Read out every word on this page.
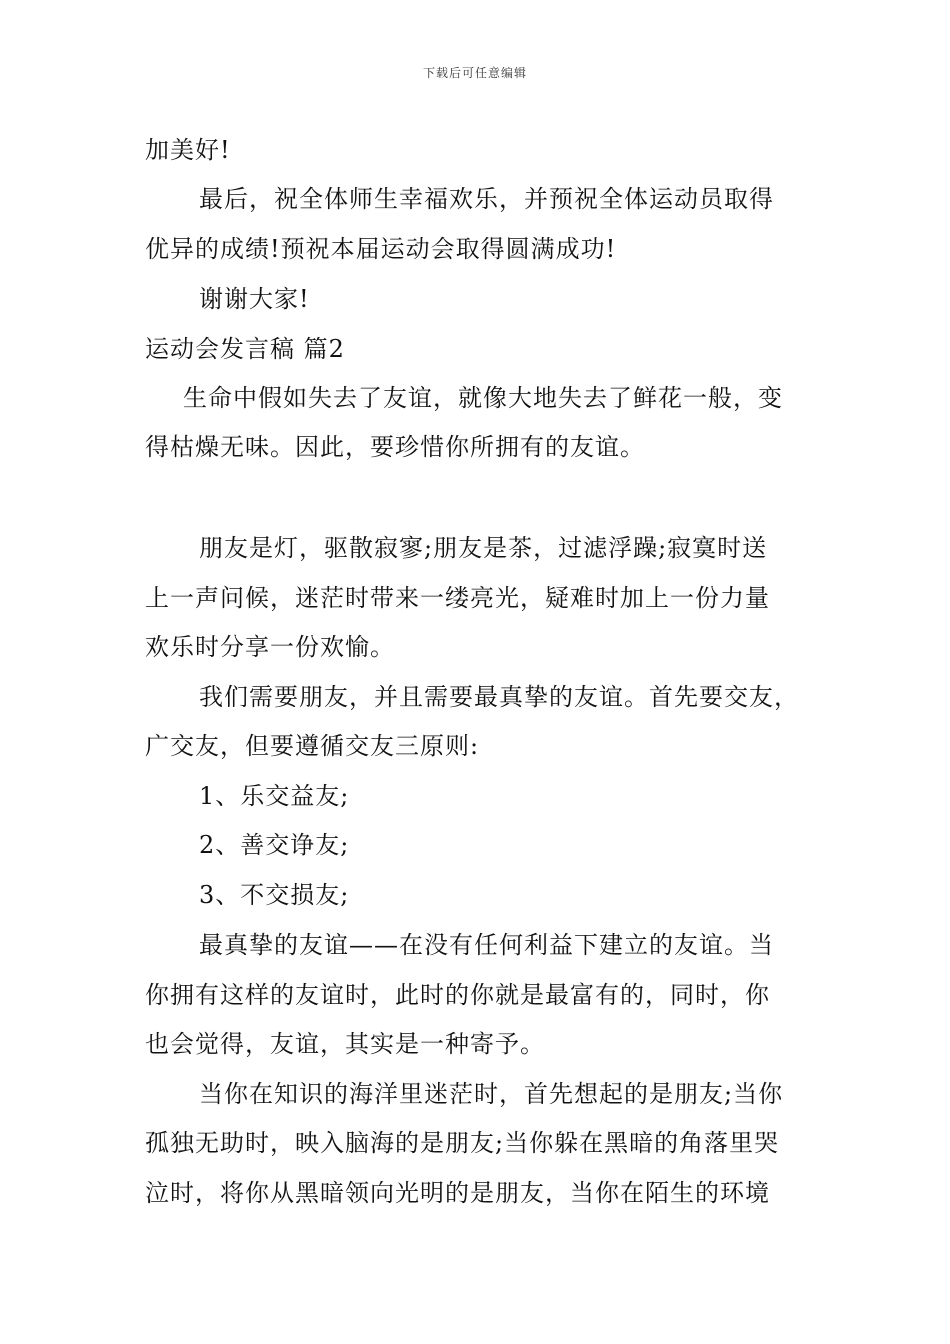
下载后可任意编辑
加美好!
最后，祝全体师生幸福欢乐，并预祝全体运动员取得
优异的成绩!预祝本届运动会取得圆满成功!
谢谢大家!
运动会发言稿 篇2
生命中假如失去了友谊，就像大地失去了鲜花一般，变
得枯燥无味。因此，要珍惜你所拥有的友谊。
朋友是灯，驱散寂寥;朋友是茶，过滤浮躁;寂寞时送
上一声问候，迷茫时带来一缕亮光，疑难时加上一份力量
欢乐时分享一份欢愉。
我们需要朋友，并且需要最真挚的友谊。首先要交友，
广交友，但要遵循交友三原则:
1、乐交益友;
2、善交诤友;
3、不交损友;
最真挚的友谊——在没有任何利益下建立的友谊。当
你拥有这样的友谊时，此时的你就是最富有的，同时，你
也会觉得，友谊，其实是一种寄予。
当你在知识的海洋里迷茫时，首先想起的是朋友;当你
孤独无助时，映入脑海的是朋友;当你躲在黑暗的角落里哭
泣时，将你从黑暗领向光明的是朋友，当你在陌生的环境
